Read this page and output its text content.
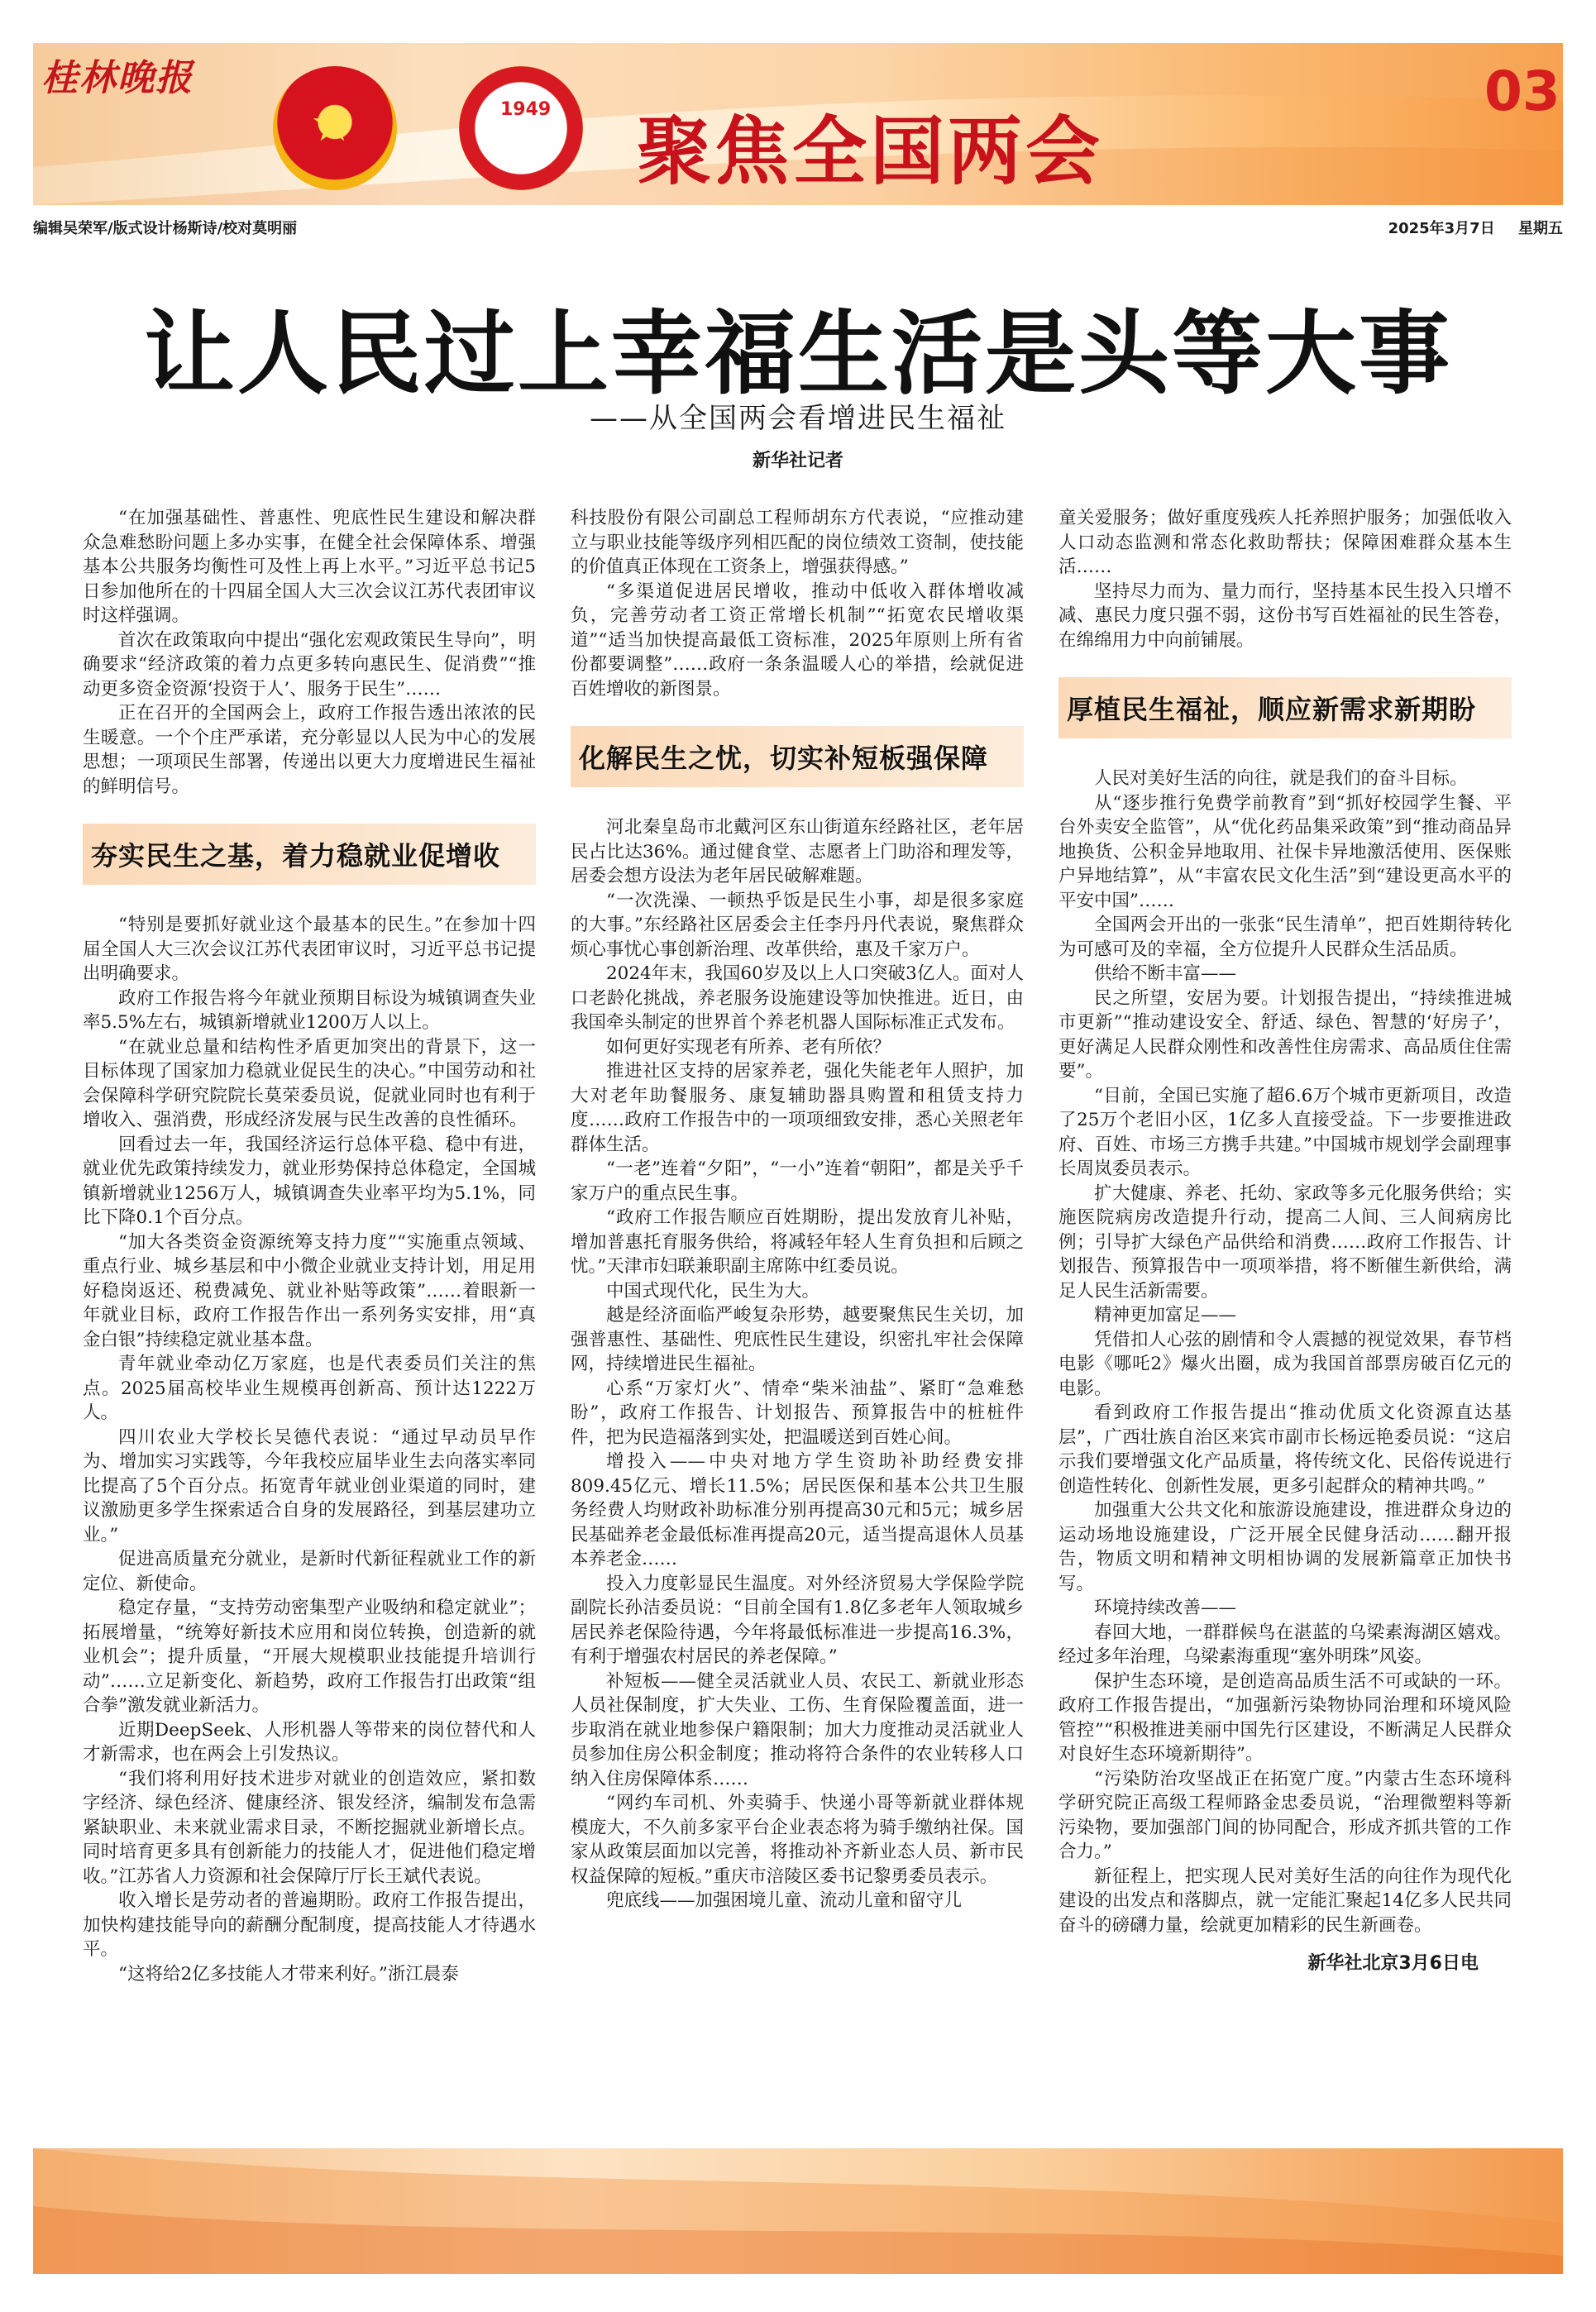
桂林晚报
★	1949 聚焦全国两会
03
编辑吴荣军/版式设计杨斯诗/校对莫明丽	2025年3月7日 星期五
让人民过上幸福生活是头等大事
——从全国两会看增进民生福祉
新华社记者

“在加强基础性、普惠性、兜底性民生建设和解决群众急难愁盼问题上多办实事，在健全社会保障体系、增强基本公共服务均衡性可及性上再上水平。”习近平总书记5日参加他所在的十四届全国人大三次会议江苏代表团审议时这样强调。

首次在政策取向中提出“强化宏观政策民生导向”，明确要求“经济政策的着力点更多转向惠民生、促消费”“推动更多资金资源‘投资于人’、服务于民生”……

正在召开的全国两会上，政府工作报告透出浓浓的民生暖意。一个个庄严承诺，充分彰显以人民为中心的发展思想；一项项民生部署，传递出以更大力度增进民生福祉的鲜明信号。

夯实民生之基，着力稳就业促增收

“特别是要抓好就业这个最基本的民生。”在参加十四届全国人大三次会议江苏代表团审议时，习近平总书记提出明确要求。

政府工作报告将今年就业预期目标设为城镇调查失业率5.5%左右，城镇新增就业1200万人以上。

“在就业总量和结构性矛盾更加突出的背景下，这一目标体现了国家加力稳就业促民生的决心。”中国劳动和社会保障科学研究院院长莫荣委员说，促就业同时也有利于增收入、强消费，形成经济发展与民生改善的良性循环。

回看过去一年，我国经济运行总体平稳、稳中有进，就业优先政策持续发力，就业形势保持总体稳定，全国城镇新增就业1256万人，城镇调查失业率平均为5.1%，同比下降0.1个百分点。

“加大各类资金资源统筹支持力度”“实施重点领域、重点行业、城乡基层和中小微企业就业支持计划，用足用好稳岗返还、税费减免、就业补贴等政策”……着眼新一年就业目标，政府工作报告作出一系列务实安排，用“真金白银”持续稳定就业基本盘。

青年就业牵动亿万家庭，也是代表委员们关注的焦点。2025届高校毕业生规模再创新高、预计达1222万人。

四川农业大学校长吴德代表说：“通过早动员早作为、增加实习实践等，今年我校应届毕业生去向落实率同比提高了5个百分点。拓宽青年就业创业渠道的同时，建议激励更多学生探索适合自身的发展路径，到基层建功立业。”

促进高质量充分就业，是新时代新征程就业工作的新定位、新使命。

稳定存量，“支持劳动密集型产业吸纳和稳定就业”；拓展增量，“统筹好新技术应用和岗位转换，创造新的就业机会”；提升质量，“开展大规模职业技能提升培训行动”……立足新变化、新趋势，政府工作报告打出政策“组合拳”激发就业新活力。

近期DeepSeek、人形机器人等带来的岗位替代和人才新需求，也在两会上引发热议。

“我们将利用好技术进步对就业的创造效应，紧扣数字经济、绿色经济、健康经济、银发经济，编制发布急需紧缺职业、未来就业需求目录，不断挖掘就业新增长点。同时培育更多具有创新能力的技能人才，促进他们稳定增收。”江苏省人力资源和社会保障厅厅长王斌代表说。

收入增长是劳动者的普遍期盼。政府工作报告提出，加快构建技能导向的薪酬分配制度，提高技能人才待遇水平。

“这将给2亿多技能人才带来利好。”浙江晨泰

科技股份有限公司副总工程师胡东方代表说，“应推动建立与职业技能等级序列相匹配的岗位绩效工资制，使技能的价值真正体现在工资条上，增强获得感。”

“多渠道促进居民增收，推动中低收入群体增收减负，完善劳动者工资正常增长机制”“拓宽农民增收渠道”“适当加快提高最低工资标准，2025年原则上所有省份都要调整”……政府一条条温暖人心的举措，绘就促进百姓增收的新图景。

化解民生之忧，切实补短板强保障

河北秦皇岛市北戴河区东山街道东经路社区，老年居民占比达36%。通过健食堂、志愿者上门助浴和理发等，居委会想方设法为老年居民破解难题。

“一次洗澡、一顿热乎饭是民生小事，却是很多家庭的大事。”东经路社区居委会主任李丹丹代表说，聚焦群众烦心事忧心事创新治理、改革供给，惠及千家万户。

2024年末，我国60岁及以上人口突破3亿人。面对人口老龄化挑战，养老服务设施建设等加快推进。近日，由我国牵头制定的世界首个养老机器人国际标准正式发布。

如何更好实现老有所养、老有所依？

推进社区支持的居家养老，强化失能老年人照护，加大对老年助餐服务、康复辅助器具购置和租赁支持力度……政府工作报告中的一项项细致安排，悉心关照老年群体生活。

“一老”连着“夕阳”，“一小”连着“朝阳”，都是关乎千家万户的重点民生事。

“政府工作报告顺应百姓期盼，提出发放育儿补贴，增加普惠托育服务供给，将减轻年轻人生育负担和后顾之忧。”天津市妇联兼职副主席陈中红委员说。

中国式现代化，民生为大。

越是经济面临严峻复杂形势，越要聚焦民生关切，加强普惠性、基础性、兜底性民生建设，织密扎牢社会保障网，持续增进民生福祉。

心系“万家灯火”、情牵“柴米油盐”、紧盯“急难愁盼”，政府工作报告、计划报告、预算报告中的桩桩件件，把为民造福落到实处，把温暖送到百姓心间。

增投入——中央对地方学生资助补助经费安排809.45亿元、增长11.5%；居民医保和基本公共卫生服务经费人均财政补助标准分别再提高30元和5元；城乡居民基础养老金最低标准再提高20元，适当提高退休人员基本养老金……

投入力度彰显民生温度。对外经济贸易大学保险学院副院长孙洁委员说：“目前全国有1.8亿多老年人领取城乡居民养老保险待遇，今年将最低标准进一步提高16.3%，有利于增强农村居民的养老保障。”

补短板——健全灵活就业人员、农民工、新就业形态人员社保制度，扩大失业、工伤、生育保险覆盖面，进一步取消在就业地参保户籍限制；加大力度推动灵活就业人员参加住房公积金制度；推动将符合条件的农业转移人口纳入住房保障体系……

“网约车司机、外卖骑手、快递小哥等新就业群体规模庞大，不久前多家平台企业表态将为骑手缴纳社保。国家从政策层面加以完善，将推动补齐新业态人员、新市民权益保障的短板。”重庆市涪陵区委书记黎勇委员表示。

兜底线——加强困境儿童、流动儿童和留守儿

童关爱服务；做好重度残疾人托养照护服务；加强低收入人口动态监测和常态化救助帮扶；保障困难群众基本生活……

坚持尽力而为、量力而行，坚持基本民生投入只增不减、惠民力度只强不弱，这份书写百姓福祉的民生答卷，在绵绵用力中向前铺展。

厚植民生福祉，顺应新需求新期盼

人民对美好生活的向往，就是我们的奋斗目标。

从“逐步推行免费学前教育”到“抓好校园学生餐、平台外卖安全监管”，从“优化药品集采政策”到“推动商品异地换货、公积金异地取用、社保卡异地激活使用、医保账户异地结算”，从“丰富农民文化生活”到“建设更高水平的平安中国”……

全国两会开出的一张张“民生清单”，把百姓期待转化为可感可及的幸福，全方位提升人民群众生活品质。

供给不断丰富——

民之所望，安居为要。计划报告提出，“持续推进城市更新”“推动建设安全、舒适、绿色、智慧的‘好房子’，更好满足人民群众刚性和改善性住房需求、高品质住住需要”。

“目前，全国已实施了超6.6万个城市更新项目，改造了25万个老旧小区，1亿多人直接受益。下一步要推进政府、百姓、市场三方携手共建。”中国城市规划学会副理事长周岚委员表示。

扩大健康、养老、托幼、家政等多元化服务供给；实施医院病房改造提升行动，提高二人间、三人间病房比例；引导扩大绿色产品供给和消费……政府工作报告、计划报告、预算报告中一项项举措，将不断催生新供给，满足人民生活新需要。

精神更加富足——

凭借扣人心弦的剧情和令人震撼的视觉效果，春节档电影《哪吒2》爆火出圈，成为我国首部票房破百亿元的电影。

看到政府工作报告提出“推动优质文化资源直达基层”，广西壮族自治区来宾市副市长杨远艳委员说：“这启示我们要增强文化产品质量，将传统文化、民俗传说进行创造性转化、创新性发展，更多引起群众的精神共鸣。”

加强重大公共文化和旅游设施建设，推进群众身边的运动场地设施建设，广泛开展全民健身活动……翻开报告，物质文明和精神文明相协调的发展新篇章正加快书写。

环境持续改善——

春回大地，一群群候鸟在湛蓝的乌梁素海湖区嬉戏。经过多年治理，乌梁素海重现“塞外明珠”风姿。

保护生态环境，是创造高品质生活不可或缺的一环。政府工作报告提出，“加强新污染物协同治理和环境风险管控”“积极推进美丽中国先行区建设，不断满足人民群众对良好生态环境新期待”。

“污染防治攻坚战正在拓宽广度。”内蒙古生态环境科学研究院正高级工程师路金忠委员说，“治理微塑料等新污染物，要加强部门间的协同配合，形成齐抓共管的工作合力。”

新征程上，把实现人民对美好生活的向往作为现代化建设的出发点和落脚点，就一定能汇聚起14亿多人民共同奋斗的磅礴力量，绘就更加精彩的民生新画卷。

新华社北京3月6日电
